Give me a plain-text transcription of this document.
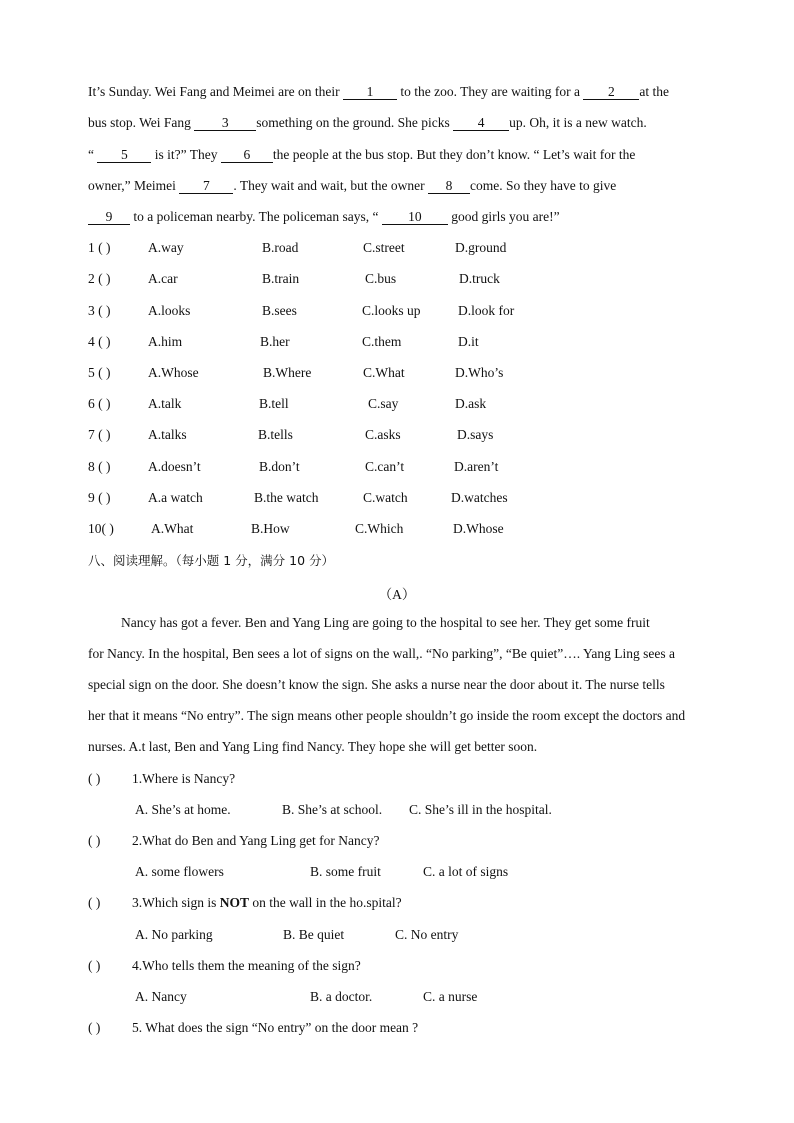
It’s Sunday. Wei Fang and Meimei are on their 1 to the zoo. They are waiting for a 2 at the
bus stop. Wei Fang 3 something on the ground. She picks 4 up. Oh, it is a new watch.
“ 5 is it?” They 6 the people at the bus stop. But they don’t know. “ Let’s wait for the
owner,” Meimei 7 . They wait and wait, but the owner 8 come. So they have to give
9 to a policeman nearby. The policeman says, “ 10 good girls you are!”
1 ( )	A.way	B.road	C.street	D.ground
2 ( )	A.car	B.train	C.bus	D.truck
3 ( )	A.looks	B.sees	C.looks up	D.look for
4 ( )	A.him	B.her	C.them	D.it
5 ( )	A.Whose	B.Where	C.What	D.Who’s
6 ( )	A.talk	B.tell	C.say	D.ask
7 ( )	A.talks	B.tells	C.asks	D.says
8 ( )	A.doesn’t	B.don’t	C.can’t	D.aren’t
9 ( )	A.a watch	B.the watch	C.watch	D.watches
10( )	A.What	B.How	C.Which	D.Whose
八、阅读理解。（每小题 1 分，满分 10 分）
（A）
Nancy has got a fever. Ben and Yang Ling are going to the hospital to see her. They get some fruit
for Nancy. In the hospital, Ben sees a lot of signs on the wall,. “No parking”, “Be quiet”…. Yang Ling sees a
special sign on the door. She doesn’t know the sign. She asks a nurse near the door about it. The nurse tells
her that it means “No entry”. The sign means other people shouldn’t go inside the room except the doctors and
nurses. A.t last, Ben and Yang Ling find Nancy. They hope she will get better soon.
( ) 1.Where is Nancy?
A. She’s at home.	B. She’s at school. C. She’s ill in the hospital.
( ) 2.What do Ben and Yang Ling get for Nancy?
A. some flowers	B. some fruit	C. a lot of signs
( ) 3.Which sign is NOT on the wall in the ho.spital?
A. No parking	B. Be quiet	C. No entry
( ) 4.Who tells them the meaning of the sign?
A. Nancy	B. a doctor.	C. a nurse
( ) 5. What does the sign “No entry” on the door mean ?
